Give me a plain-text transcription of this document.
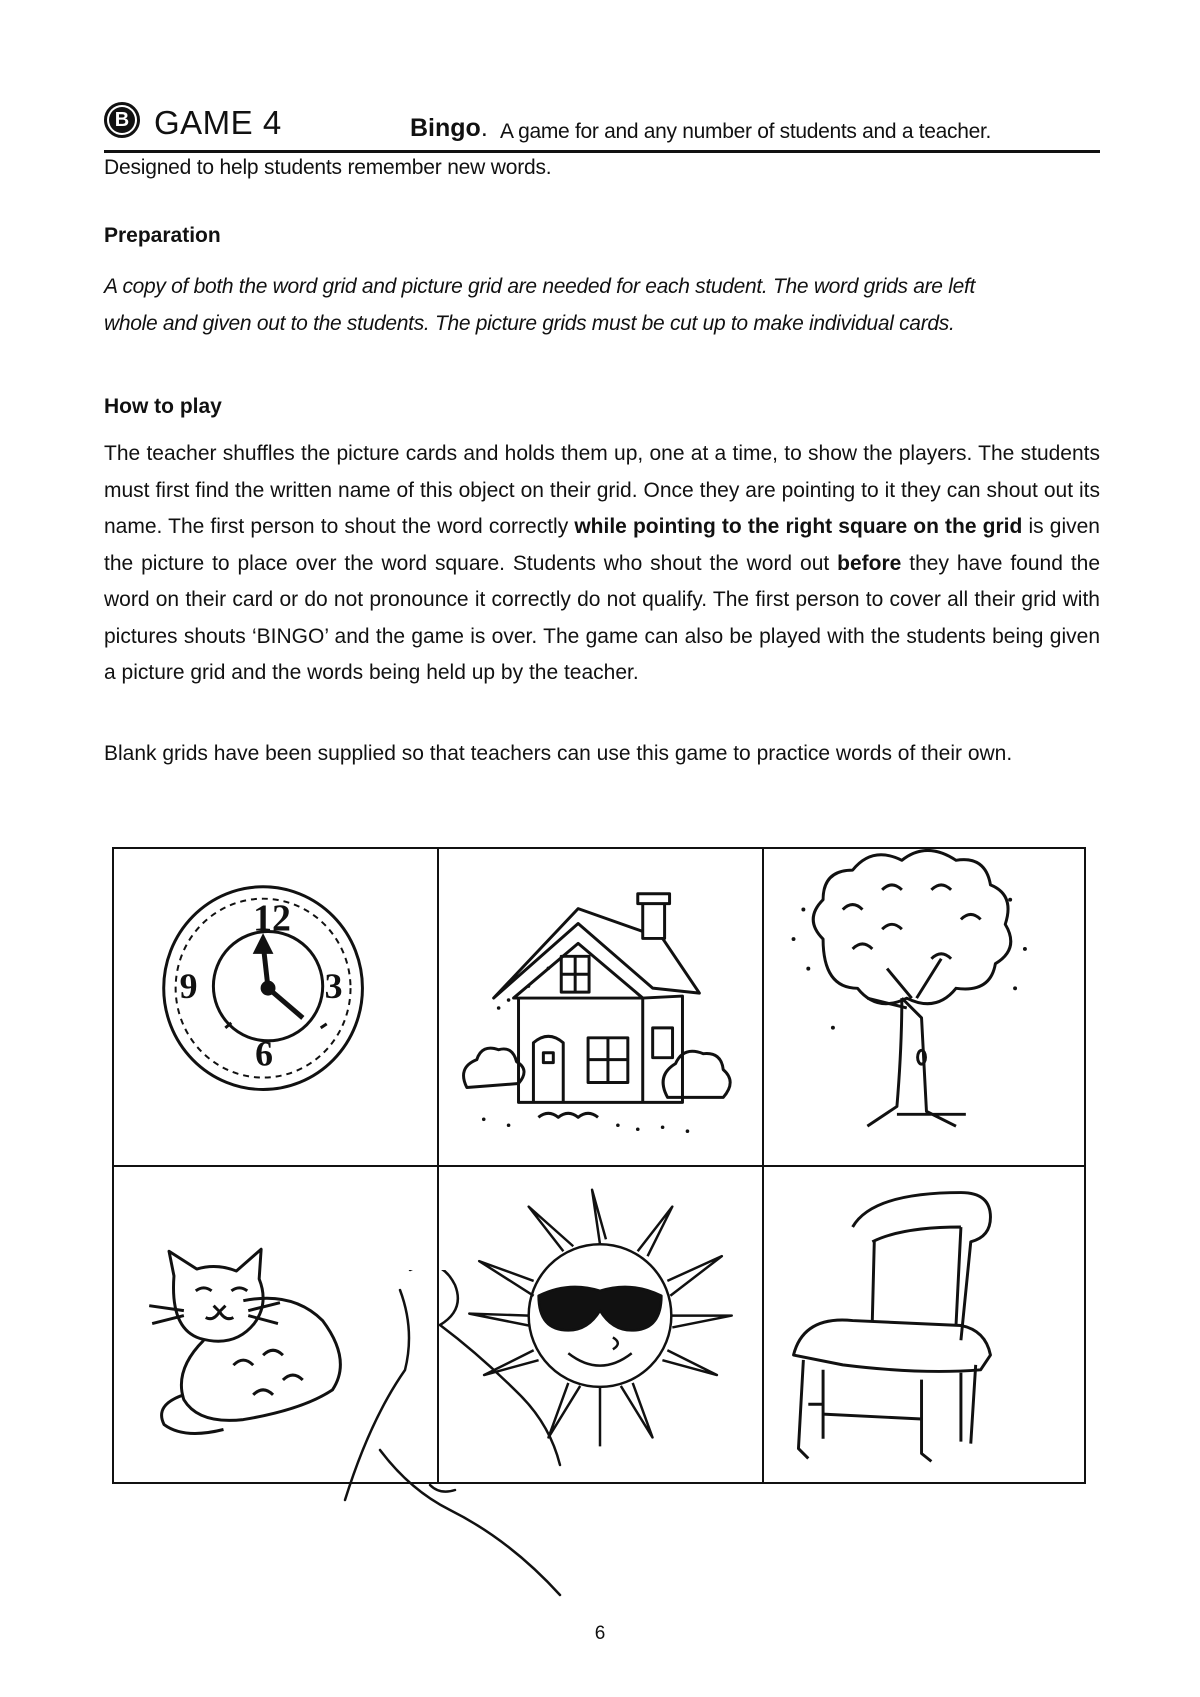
B GAME 4	Bingo. A game for and any number of students and a teacher.
Designed to help students remember new words.
Preparation
A copy of both the word grid and picture grid are needed for each student. The word grids are left
whole and given out to the students. The picture grids must be cut up to make individual cards.
How to play
The teacher shuffles the picture cards and holds them up, one at a time, to show the players. The students must first find the written name of this object on their grid. Once they are pointing to it they can shout out its name. The first person to shout the word correctly while pointing to the right square on the grid is given the picture to place over the word square. Students who shout the word out before they have found the word on their card or do not pronounce it correctly do not qualify. The first person to cover all their grid with pictures shouts ‘BINGO’ and the game is over. The game can also be played with the students being given a picture grid and the words being held up by the teacher.
Blank grids have been supplied so that teachers can use this game to practice words of their own.
12
3
6
9
6
